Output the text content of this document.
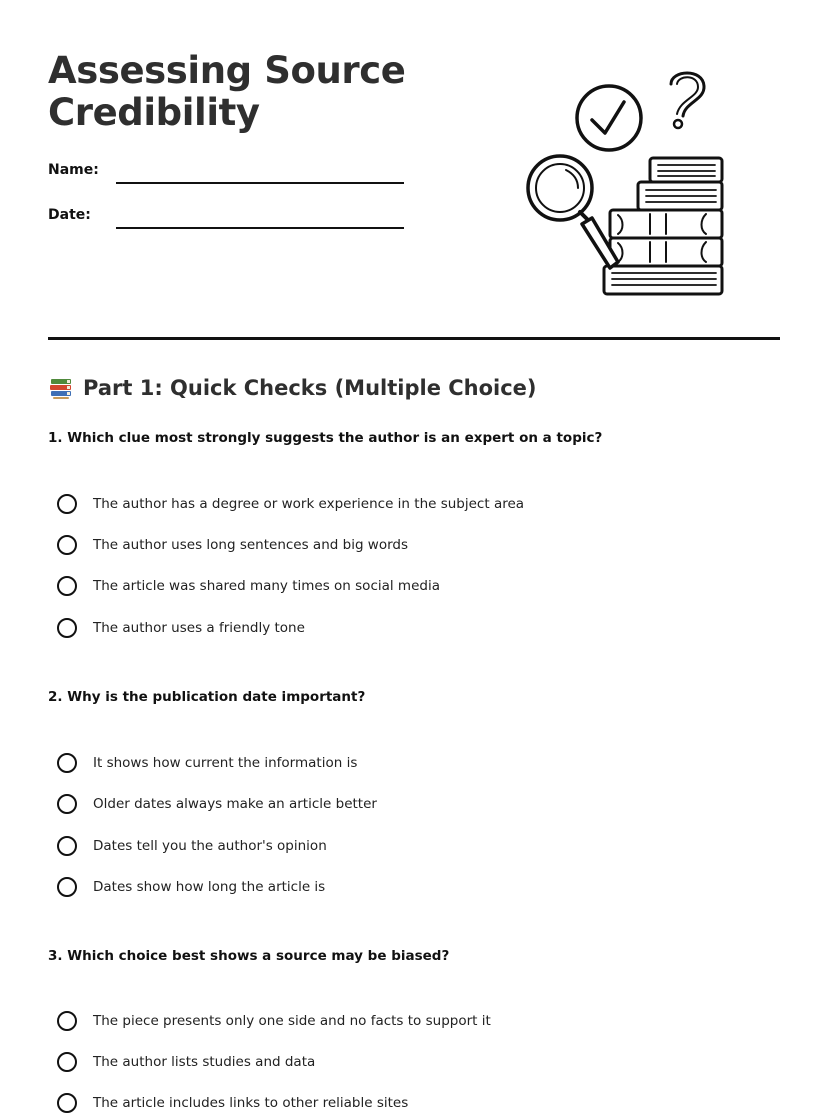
Assessing Source Credibility
Name:
Date:
Part 1: Quick Checks (Multiple Choice)

1. Which clue most strongly suggests the author is an expert on a topic?

The author has a degree or work experience in the subject area
The author uses long sentences and big words
The article was shared many times on social media
The author uses a friendly tone

2. Why is the publication date important?

It shows how current the information is
Older dates always make an article better
Dates tell you the author's opinion
Dates show how long the article is

3. Which choice best shows a source may be biased?

The piece presents only one side and no facts to support it
The author lists studies and data
The article includes links to other reliable sites
